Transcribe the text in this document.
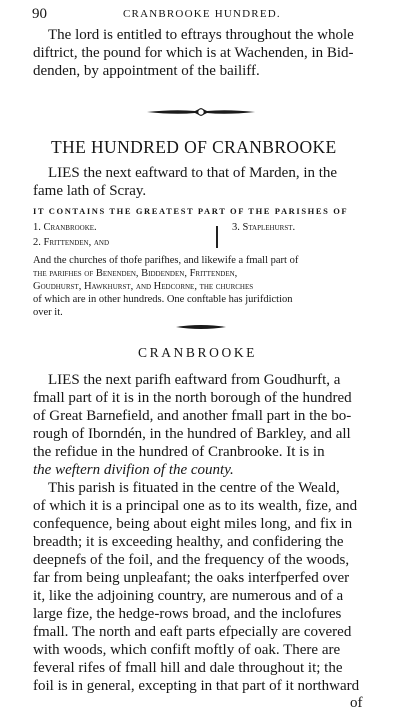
90	CRANBROOKE HUNDRED.
The lord is entitled to eftrays throughout the whole
diftrict, the pound for which is at Wachenden, in Bid-
denden, by appointment of the bailiff.
THE HUNDRED OF CRANBROOKE
LIES the next eaftward to that of Marden, in the
fame lath of Scray.
IT CONTAINS THE GREATEST PART OF THE PARISHES OF
1. Cranbrooke.
2. Frittenden, and
3. Staplehurst.
And the churches of thofe parifhes, and likewife a fmall part of
the parifhes of Benenden, Biddenden, Frittenden,
Goudhurst, Hawkhurst, and Hedcorne, the churches
of which are in other hundreds. One conftable has jurifdiction
over it.
CRANBROOKE
LIES the next parifh eaftward from Goudhurft, a
fmall part of it is in the north borough of the hundred
of Great Barnefield, and another fmall part in the bo-
rough of Iborndén, in the hundred of Barkley, and all
the refidue in the hundred of Cranbrooke. It is in
the weftern divifion of the county.
This parish is fituated in the centre of the Weald,
of which it is a principal one as to its wealth, fize, and
confequence, being about eight miles long, and fix in
breadth; it is exceeding healthy, and confidering the
deepnefs of the foil, and the frequency of the woods,
far from being unpleafant; the oaks interfperfed over
it, like the adjoining country, are numerous and of a
large fize, the hedge-rows broad, and the inclofures
fmall. The north and eaft parts efpecially are covered
with woods, which confift moftly of oak. There are
feveral rifes of fmall hill and dale throughout it; the
foil is in general, excepting in that part of it northward
of
